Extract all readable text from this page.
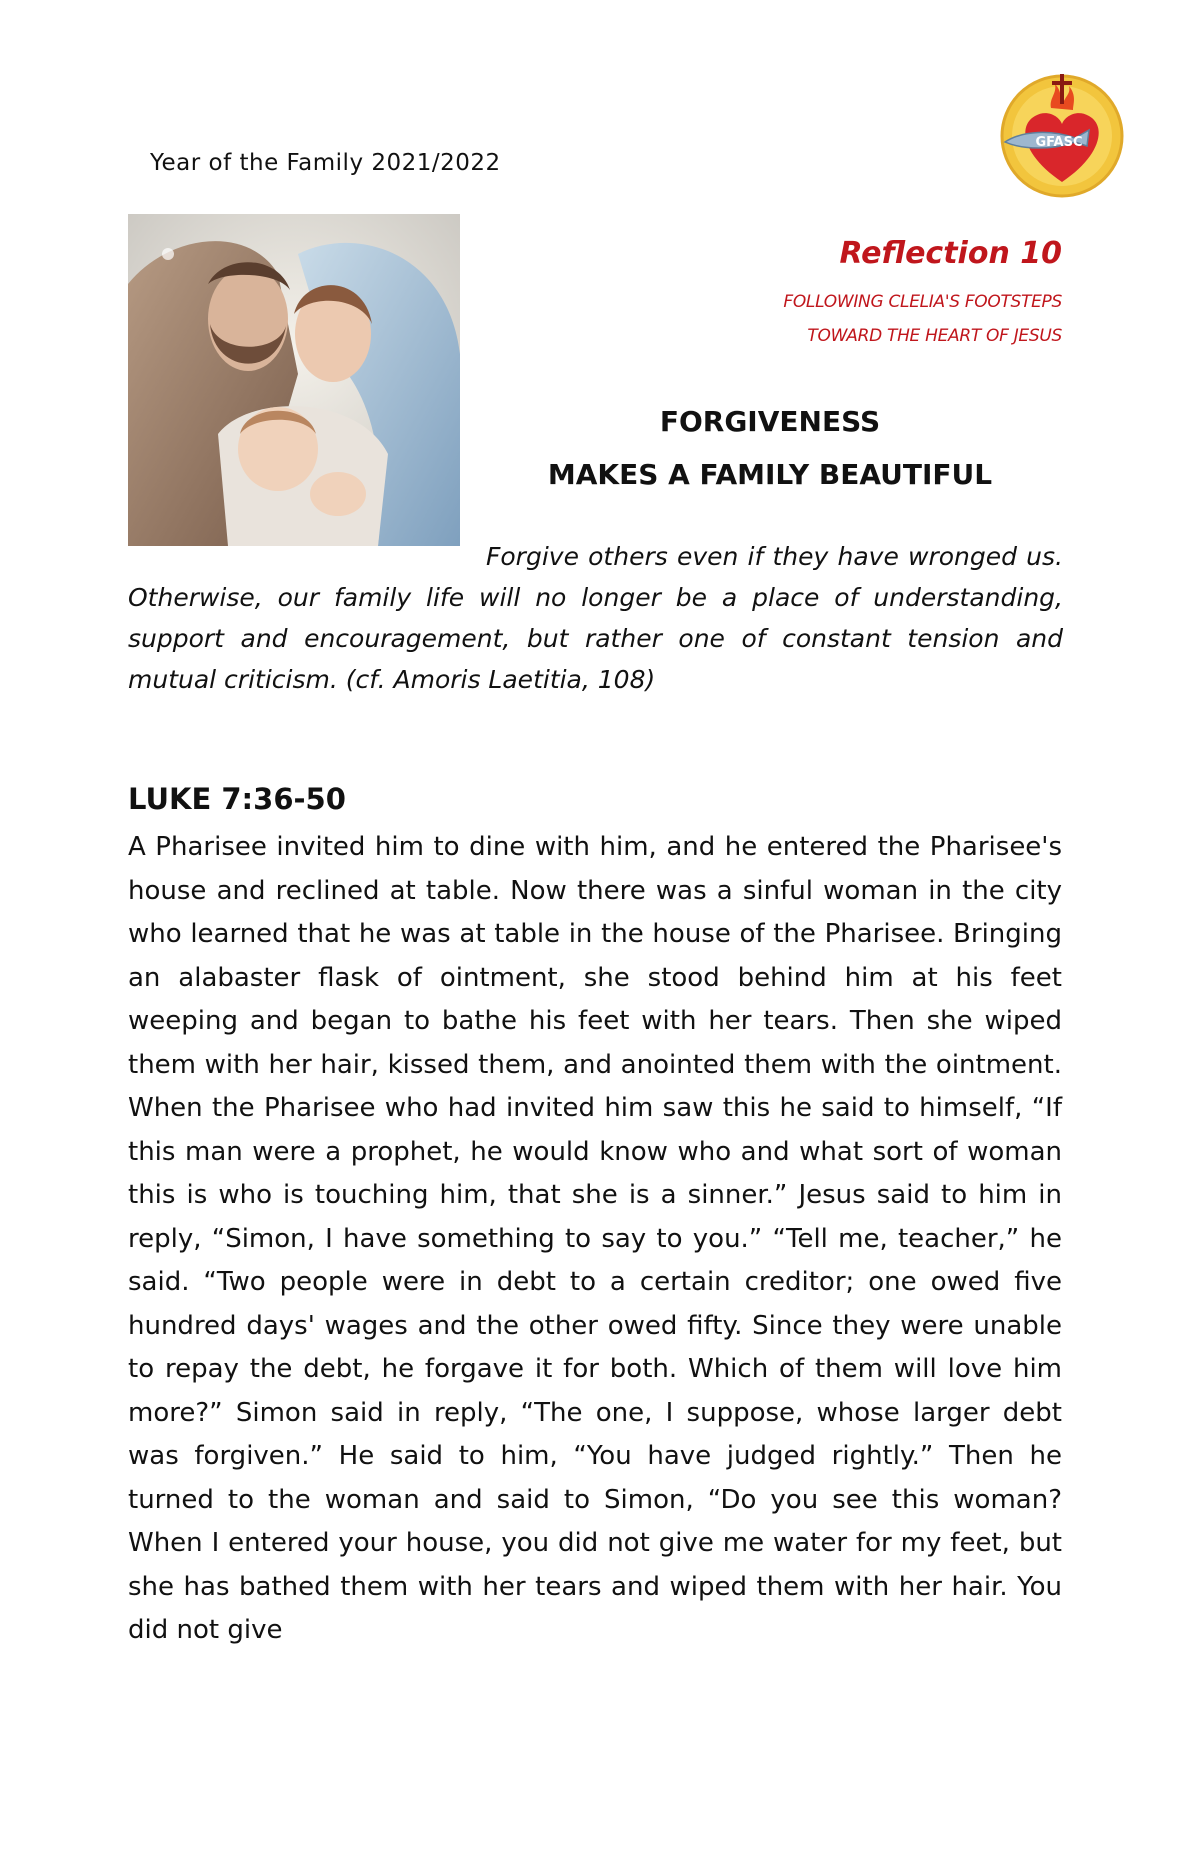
Year of the Family 2021/2022
GFASC
Reflection 10
FOLLOWING CLELIA'S FOOTSTEPS
TOWARD THE HEART OF JESUS
FORGIVENESS
MAKES A FAMILY BEAUTIFUL

Forgive others even if they have wronged us. Otherwise, our family life will no longer be a place of understanding, support and encouragement, but rather one of constant tension and mutual criticism. (cf. Amoris Laetitia, 108)

LUKE 7:36-50

A Pharisee invited him to dine with him, and he entered the Pharisee's house and reclined at table. Now there was a sinful woman in the city who learned that he was at table in the house of the Pharisee. Bringing an alabaster flask of ointment, she stood behind him at his feet weeping and began to bathe his feet with her tears. Then she wiped them with her hair, kissed them, and anointed them with the ointment. When the Pharisee who had invited him saw this he said to himself, “If this man were a prophet, he would know who and what sort of woman this is who is touching him, that she is a sinner.” Jesus said to him in reply, “Simon, I have something to say to you.” “Tell me, teacher,” he said. “Two people were in debt to a certain creditor; one owed five hundred days' wages and the other owed fifty. Since they were unable to repay the debt, he forgave it for both. Which of them will love him more?” Simon said in reply, “The one, I suppose, whose larger debt was forgiven.” He said to him, “You have judged rightly.” Then he turned to the woman and said to Simon, “Do you see this woman? When I entered your house, you did not give me water for my feet, but she has bathed them with her tears and wiped them with her hair. You did not give
